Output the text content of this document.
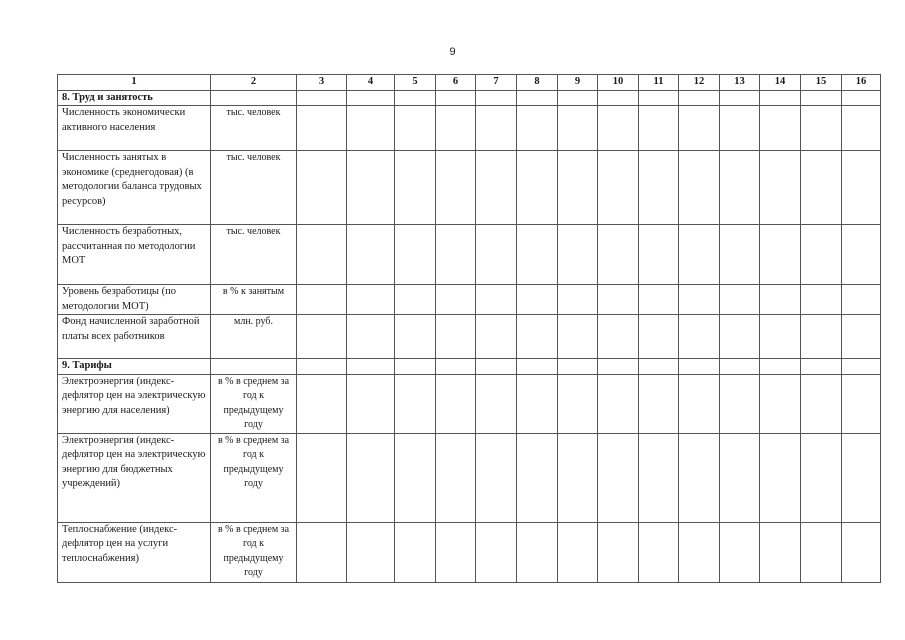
9
1	2	3	4	5	6	7	8	9	10	11	12	13	14	15	16
8. Труд и занятость															
Численность экономически активного населения	тыс. человек														
Численность занятых в экономике (среднегодовая) (в методологии баланса трудовых ресурсов)	тыс. человек														
Численность безработных, рассчитанная по методологии МОТ	тыс. человек														
Уровень безработицы (по методологии МОТ)	в % к занятым														
Фонд начисленной заработной платы всех работников	млн. руб.														
9. Тарифы															
Электроэнергия (индекс-дефлятор цен на электрическую энергию для населения)	в % в среднем за год к предыдущему году														
Электроэнергия (индекс-дефлятор цен на электрическую энергию для бюджетных учреждений)	в % в среднем за год к предыдущему году														
Теплоснабжение (индекс-дефлятор цен на услуги теплоснабжения)	в % в среднем за год к предыдущему году														
